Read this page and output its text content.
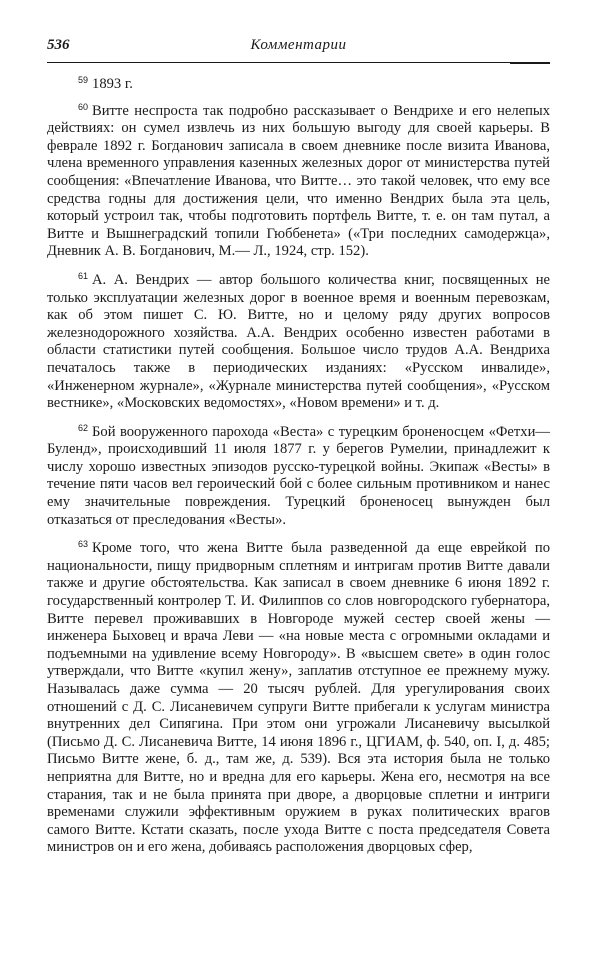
536	Комментарии

$^{59}$ 1893 г.

$^{60}$ Витте неспроста так подробно рассказывает о Вендрихе и его нелепых действиях: он сумел извлечь из них большую выгоду для своей карьеры. В феврале 1892 г. Богданович записала в своем дневнике после визита Иванова, члена временного управления казенных железных дорог от министерства путей сообщения: «Впечатление Иванова, что Витте… это такой человек, что ему все средства годны для достижения цели, что именно Вендрих была эта цель, который устроил так, чтобы подготовить портфель Витте, т. е. он там путал, а Витте и Вышнеградский топили Гюббенета» («Три последних самодержца», Дневник А. В. Богданович, М.— Л., 1924, стр. 152).

$^{61}$ А. А. Вендрих — автор большого количества книг, посвященных не только эксплуатации железных дорог в военное время и военным перевозкам, как об этом пишет С. Ю. Витте, но и целому ряду других вопросов железнодорожного хозяйства. А.А. Вендрих особенно известен работами в области статистики путей сообщения. Большое число трудов А.А. Вендриха печаталось также в периодических изданиях: «Русском инвалиде», «Инженерном журнале», «Журнале министерства путей сообщения», «Русском вестнике», «Московских ведомостях», «Новом времени» и т. д.

$^{62}$ Бой вооруженного парохода «Веста» с турецким броненосцем «Фетхи—Буленд», происходивший 11 июля 1877 г. у берегов Румелии, принадлежит к числу хорошо известных эпизодов русско-турецкой войны. Экипаж «Весты» в течение пяти часов вел героический бой с более сильным противником и нанес ему значительные повреждения. Турецкий броненосец вынужден был отказаться от преследования «Весты».

$^{63}$ Кроме того, что жена Витте была разведенной да еще еврейкой по национальности, пищу придворным сплетням и интригам против Витте давали также и другие обстоятельства. Как записал в своем дневнике 6 июня 1892 г. государственный контролер Т. И. Филиппов со слов новгородского губернатора, Витте перевел проживавших в Новгороде мужей сестер своей жены — инженера Быховец и врача Леви — «на новые места с огромными окладами и подъемными на удивление всему Новгороду». В «высшем свете» в один голос утверждали, что Витте «купил жену», заплатив отступное ее прежнему мужу. Называлась даже сумма — 20 тысяч рублей. Для урегулирования своих отношений с Д. С. Лисаневичем супруги Витте прибегали к услугам министра внутренних дел Сипягина. При этом они угрожали Лисаневичу высылкой (Письмо Д. С. Лисаневича Витте, 14 июня 1896 г., ЦГИАМ, ф. 540, оп. I, д. 485; Письмо Витте жене, б. д., там же, д. 539). Вся эта история была не только неприятна для Витте, но и вредна для его карьеры. Жена его, несмотря на все старания, так и не была принята при дворе, а дворцовые сплетни и интриги временами служили эффективным оружием в руках политических врагов самого Витте. Кстати сказать, после ухода Витте с поста председателя Совета министров он и его жена, добиваясь расположения дворцовых сфер,
